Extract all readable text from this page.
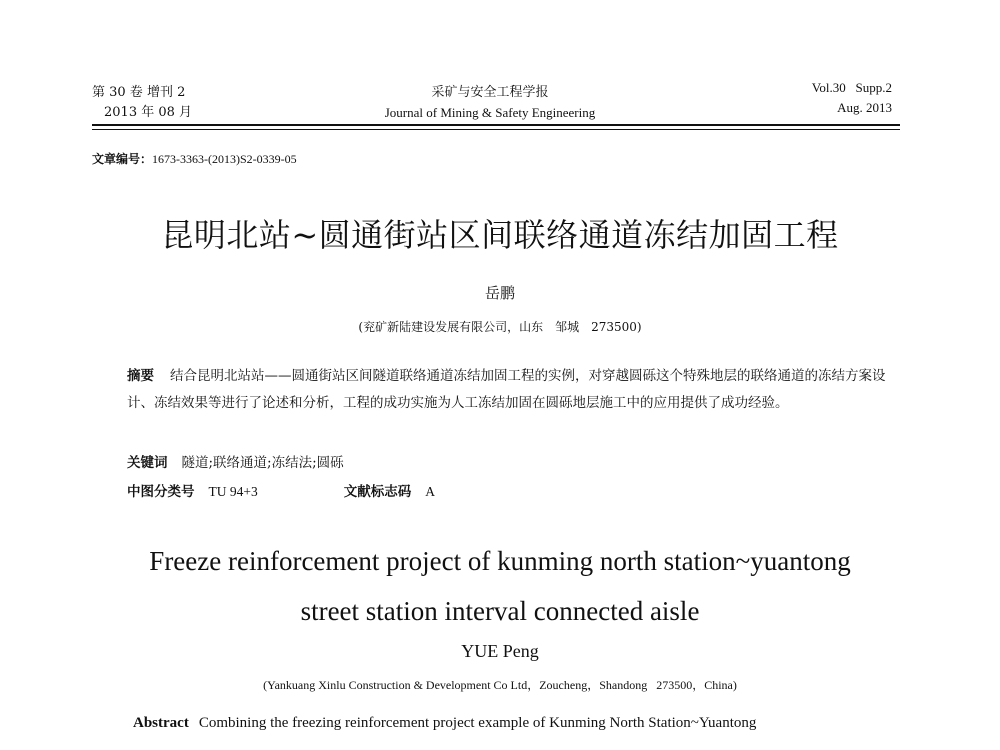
第 30 卷 增刊 2
2013 年 08 月
采矿与安全工程学报
Journal of Mining & Safety Engineering
Vol.30   Supp.2
Aug. 2013
文章编号：1673-3363-(2013)S2-0339-05
昆明北站~圆通街站区间联络通道冻结加固工程
岳鹏
(兖矿新陆建设发展有限公司，山东　邹城　273500)
摘要 结合昆明北站站——圆通街站区间隧道联络通道冻结加固工程的实例，对穿越圆砾这个特殊地层的联络通道的冻结方案设计、冻结效果等进行了论述和分析，工程的成功实施为人工冻结加固在圆砾地层施工中的应用提供了成功经验。
关键词 隧道;联络通道;冻结法;圆砾
中图分类号 TU 94+3	文献标志码 A
Freeze reinforcement project of kunming north station~yuantong
street station interval connected aisle
YUE Peng
(Yankuang Xinlu Construction & Development Co Ltd，Zoucheng，Shandong   273500，China)
Abstract Combining the freezing reinforcement project example of Kunming North Station~Yuantong
